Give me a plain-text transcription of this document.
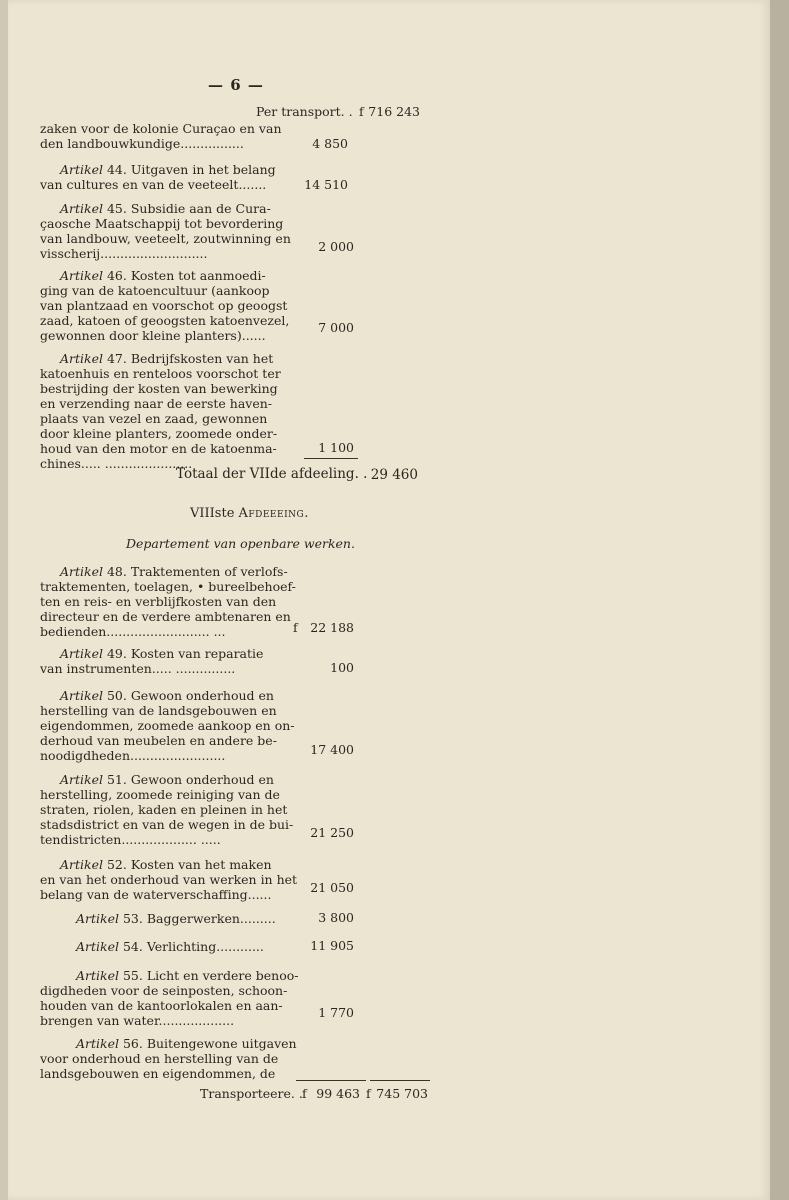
— 6 —
Per transport. . f 716 243
zaken voor de kolonie Curaçao en van
den landbouwkundige................	4 850
Artikel 44. Uitgaven in het belang
van cultures en van de veeteelt.......	14 510
Artikel 45. Subsidie aan de Cura-
çaosche Maatschappij tot bevordering
van landbouw, veeteelt, zoutwinning en
visscherij...........................	2 000
Artikel 46. Kosten tot aanmoedi-
ging van de katoencultuur (aankoop
van plantzaad en voorschot op geoogst
zaad, katoen of geoogsten katoenvezel,
gewonnen door kleine planters)......
7 000
Artikel 47. Bedrijfskosten van het
katoenhuis en renteloos voorschot ter
bestrijding der kosten van bewerking
en verzending naar de eerste haven-
plaats van vezel en zaad, gewonnen
door kleine planters, zoomede onder-
houd van den motor en de katoenma-
chines..... ......................
1 100
Totaal der VIIde afdeeling. . 29 460
VIIIste Afdeeeing.
Departement van openbare werken.
Artikel 48. Traktementen of verlofs-
traktementen, toelagen, • bureelbehoef-
ten en reis- en verblijfkosten van den
directeur en de verdere ambtenaren en
bedienden.......................... ...	f	22 188
Artikel 49. Kosten van reparatie
van instrumenten..... ...............	100
Artikel 50. Gewoon onderhoud en
herstelling van de landsgebouwen en
eigendommen, zoomede aankoop en on-
derhoud van meubelen en andere be-
noodigdheden........................	17 400
Artikel 51. Gewoon onderhoud en
herstelling, zoomede reiniging van de
straten, riolen, kaden en pleinen in het
stadsdistrict en van de wegen in de bui-
tendistricten................... .....	21 250
Artikel 52. Kosten van het maken
en van het onderhoud van werken in het
belang van de waterverschaffing......	21 050
Artikel 53. Baggerwerken.........	3 800
Artikel 54. Verlichting............	11 905
Artikel 55. Licht en verdere benoo-
digdheden voor de seinposten, schoon-
houden van de kantoorlokalen en aan-
brengen van water...................
1 770
Artikel 56. Buitengewone uitgaven
voor onderhoud en herstelling van de
landsgebouwen en eigendommen, de
Transporteere. . f 99 463 f 745 703
